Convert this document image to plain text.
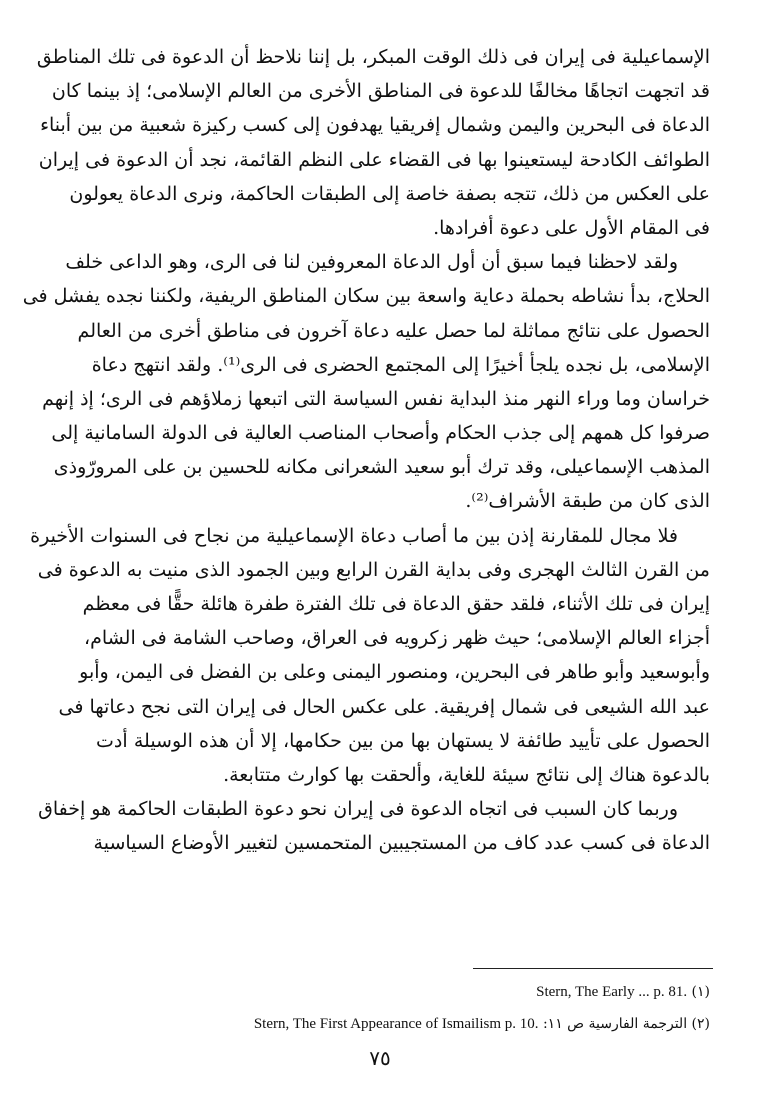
الإسماعيلية فى إيران فى ذلك الوقت المبكر، بل إننا نلاحظ أن الدعوة فى تلك المناطق
قد اتجهت اتجاهًا مخالفًا للدعوة فى المناطق الأخرى من العالم الإسلامى؛ إذ بينما كان
الدعاة فى البحرين واليمن وشمال إفريقيا يهدفون إلى كسب ركيزة شعبية من بين أبناء
الطوائف الكادحة ليستعينوا بها فى القضاء على النظم القائمة، نجد أن الدعوة فى إيران
على العكس من ذلك، تتجه بصفة خاصة إلى الطبقات الحاكمة، ونرى الدعاة يعولون
فى المقام الأول على دعوة أفرادها.
ولقد لاحظنا فيما سبق أن أول الدعاة المعروفين لنا فى الرى، وهو الداعى خلف
الحلاج، بدأ نشاطه بحملة دعاية واسعة بين سكان المناطق الريفية، ولكننا نجده يفشل فى
الحصول على نتائج مماثلة لما حصل عليه دعاة آخرون فى مناطق أخرى من العالم
الإسلامى، بل نجده يلجأ أخيرًا إلى المجتمع الحضرى فى الرى⁽¹⁾. ولقد انتهج دعاة
خراسان وما وراء النهر منذ البداية نفس السياسة التى اتبعها زملاؤهم فى الرى؛ إذ إنهم
صرفوا كل همهم إلى جذب الحكام وأصحاب المناصب العالية فى الدولة السامانية إلى
المذهب الإسماعيلى، وقد ترك أبو سعيد الشعرانى مكانه للحسين بن على المرورّوذى
الذى كان من طبقة الأشراف⁽²⁾.
فلا مجال للمقارنة إذن بين ما أصاب دعاة الإسماعيلية من نجاح فى السنوات الأخيرة
من القرن الثالث الهجرى وفى بداية القرن الرابع وبين الجمود الذى منيت به الدعوة فى
إيران فى تلك الأثناء، فلقد حقق الدعاة فى تلك الفترة طفرة هائلة حقًّا فى معظم
أجزاء العالم الإسلامى؛ حيث ظهر زكرويه فى العراق، وصاحب الشامة فى الشام،
وأبوسعيد وأبو طاهر فى البحرين، ومنصور اليمنى وعلى بن الفضل فى اليمن، وأبو
عبد الله الشيعى فى شمال إفريقية. على عكس الحال فى إيران التى نجح دعاتها فى
الحصول على تأييد طائفة لا يستهان بها من بين حكامها، إلا أن هذه الوسيلة أدت
بالدعوة هناك إلى نتائج سيئة للغاية، وألحقت بها كوارث متتابعة.
وربما كان السبب فى اتجاه الدعوة فى إيران نحو دعوة الطبقات الحاكمة هو إخفاق
الدعاة فى كسب عدد كاف من المستجيبين المتحمسين لتغيير الأوضاع السياسية
(١) Stern, The Early ... p. 81.
(٢) الترجمة الفارسية ص ١١: Stern, The First Appearance of Ismailism p. 10.
٧٥
